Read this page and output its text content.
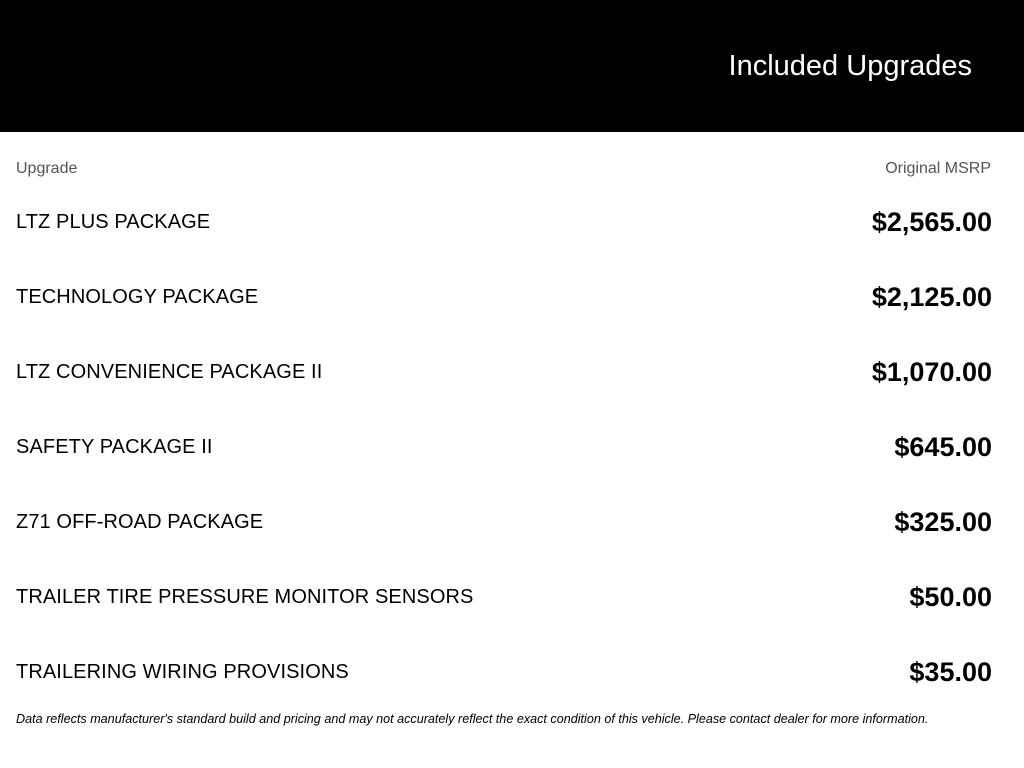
Included Upgrades
Upgrade	Original MSRP
LTZ PLUS PACKAGE	$2,565.00
TECHNOLOGY PACKAGE	$2,125.00
LTZ CONVENIENCE PACKAGE II	$1,070.00
SAFETY PACKAGE II	$645.00
Z71 OFF-ROAD PACKAGE	$325.00
TRAILER TIRE PRESSURE MONITOR SENSORS	$50.00
TRAILERING WIRING PROVISIONS	$35.00
Data reflects manufacturer's standard build and pricing and may not accurately reflect the exact condition of this vehicle. Please contact dealer for more information.
